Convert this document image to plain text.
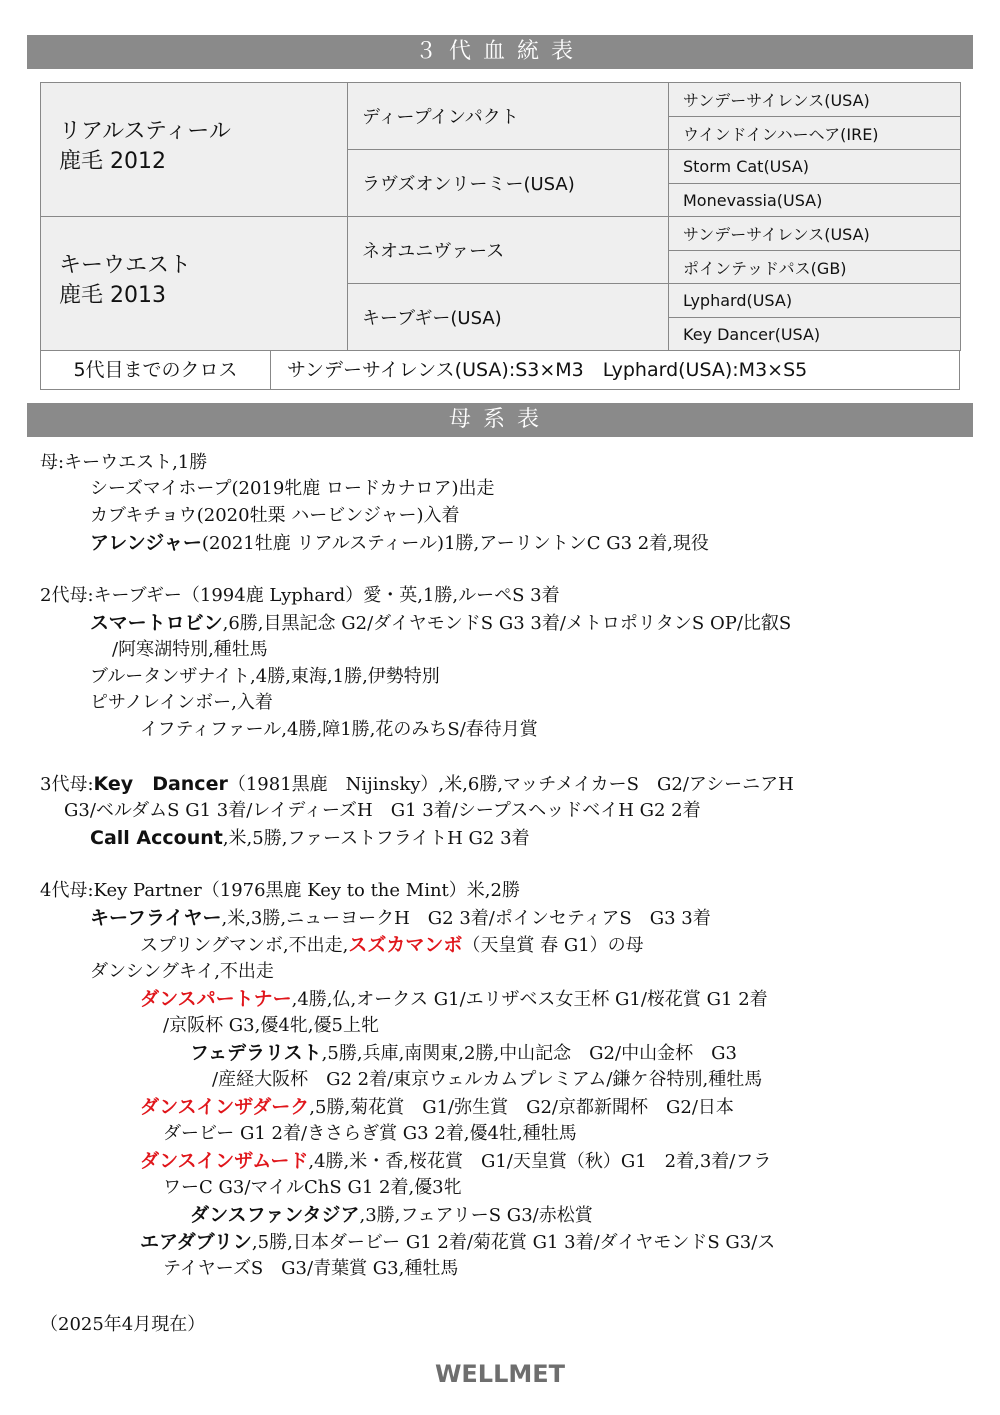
３代血統表
リアルスティール
鹿毛 2012
キーウエスト
鹿毛 2013
ディープインパクト
ラヴズオンリーミー(USA)
ネオユニヴァース
キーブギー(USA)
サンデーサイレンス(USA)
ウインドインハーヘア(IRE)
Storm Cat(USA)
Monevassia(USA)
サンデーサイレンス(USA)
ポインテッドパス(GB)
Lyphard(USA)
Key Dancer(USA)
5代目までのクロス	サンデーサイレンス(USA):S3×M3　Lyphard(USA):M3×S5
母系表
母:キーウエスト,1勝
シーズマイホープ(2019牝鹿 ロードカナロア)出走
カブキチョウ(2020牡栗 ハービンジャー)入着
アレンジャー(2021牡鹿 リアルスティール)1勝,アーリントンC G3 2着,現役
2代母:キーブギー（1994鹿 Lyphard）愛・英,1勝,ルーペS 3着
スマートロビン,6勝,目黒記念 G2/ダイヤモンドS G3 3着/メトロポリタンS OP/比叡S
/阿寒湖特別,種牡馬
ブルータンザナイト,4勝,東海,1勝,伊勢特別
ピサノレインボー,入着
イフティファール,4勝,障1勝,花のみちS/春待月賞
3代母:Key　Dancer（1981黒鹿　Nijinsky）,米,6勝,マッチメイカーS　G2/アシーニアH
G3/ベルダムS G1 3着/レイディーズH　G1 3着/シープスヘッドベイH G2 2着
Call Account,米,5勝,ファーストフライトH G2 3着
4代母:Key Partner（1976黒鹿 Key to the Mint）米,2勝
キーフライヤー,米,3勝,ニューヨークH　G2 3着/ポインセティアS　G3 3着
スプリングマンボ,不出走,スズカマンボ（天皇賞 春 G1）の母
ダンシングキイ,不出走
ダンスパートナー,4勝,仏,オークス G1/エリザベス女王杯 G1/桜花賞 G1 2着
/京阪杯 G3,優4牝,優5上牝
フェデラリスト,5勝,兵庫,南関東,2勝,中山記念　G2/中山金杯　G3
/産経大阪杯　G2 2着/東京ウェルカムプレミアム/鎌ケ谷特別,種牡馬
ダンスインザダーク,5勝,菊花賞　G1/弥生賞　G2/京都新聞杯　G2/日本
ダービー G1 2着/きさらぎ賞 G3 2着,優4牡,種牡馬
ダンスインザムード,4勝,米・香,桜花賞　G1/天皇賞（秋）G1　2着,3着/フラ
ワーC G3/マイルChS G1 2着,優3牝
ダンスファンタジア,3勝,フェアリーS G3/赤松賞
エアダブリン,5勝,日本ダービー G1 2着/菊花賞 G1 3着/ダイヤモンドS G3/ス
テイヤーズS　G3/青葉賞 G3,種牡馬
（2025年4月現在）
WELLMET
